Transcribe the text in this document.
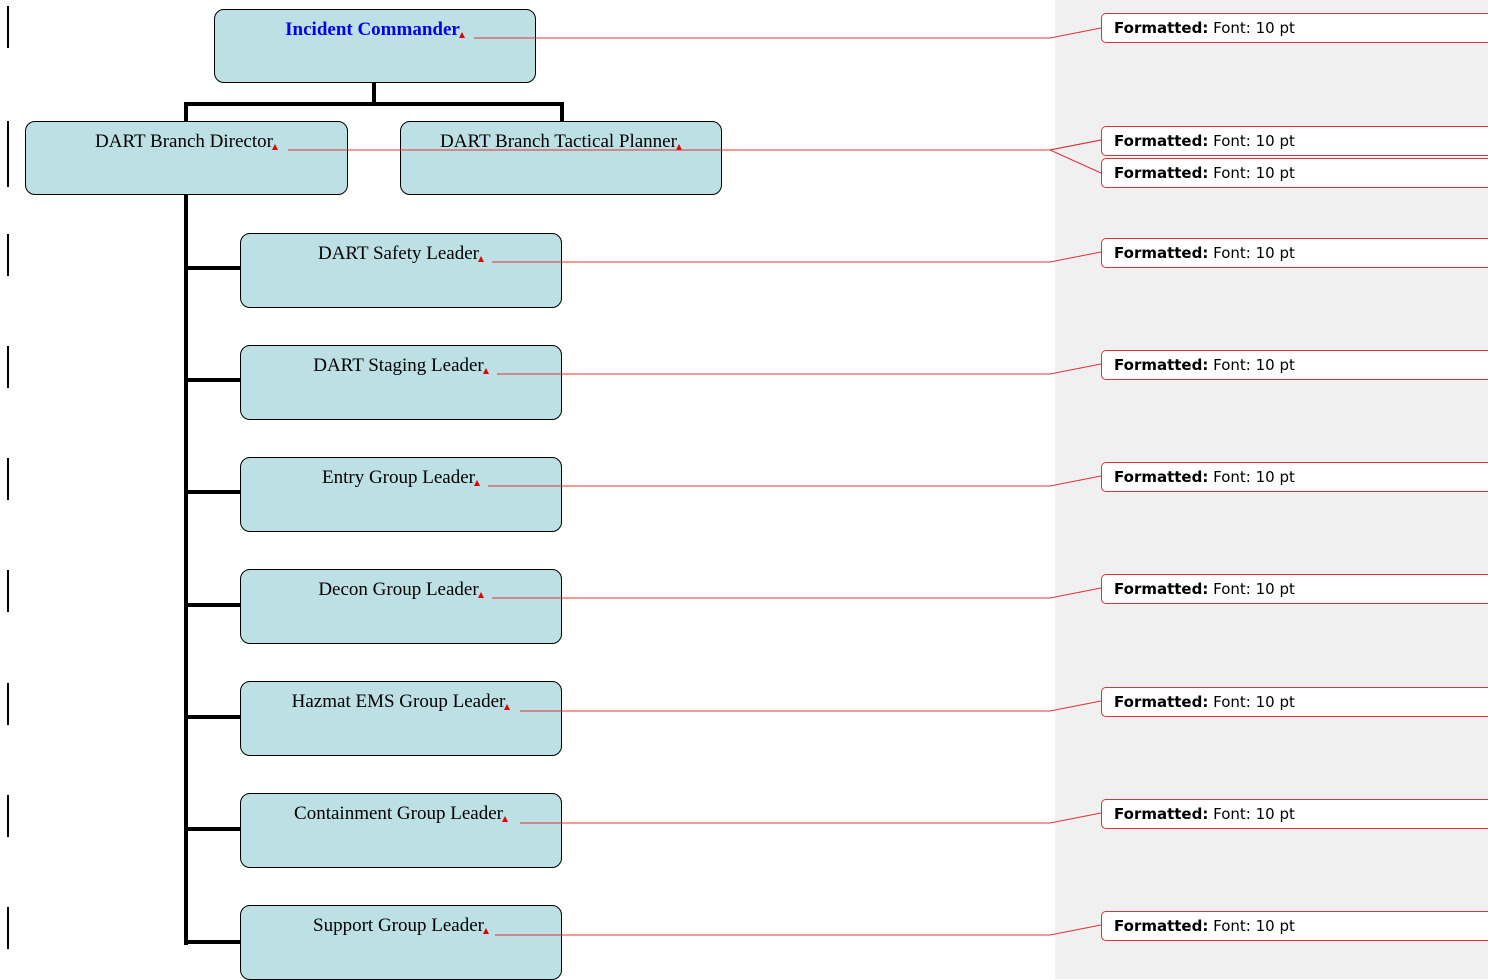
Incident Commander
DART Branch Director	DART Branch Tactical Planner
DART Safety Leader
DART Staging Leader
Entry Group Leader
Decon Group Leader
Hazmat EMS Group Leader
Containment Group Leader
Support Group Leader
Formatted: Font: 10 pt
Formatted: Font: 10 pt
Formatted: Font: 10 pt
Formatted: Font: 10 pt
Formatted: Font: 10 pt
Formatted: Font: 10 pt
Formatted: Font: 10 pt
Formatted: Font: 10 pt
Formatted: Font: 10 pt
Formatted: Font: 10 pt
